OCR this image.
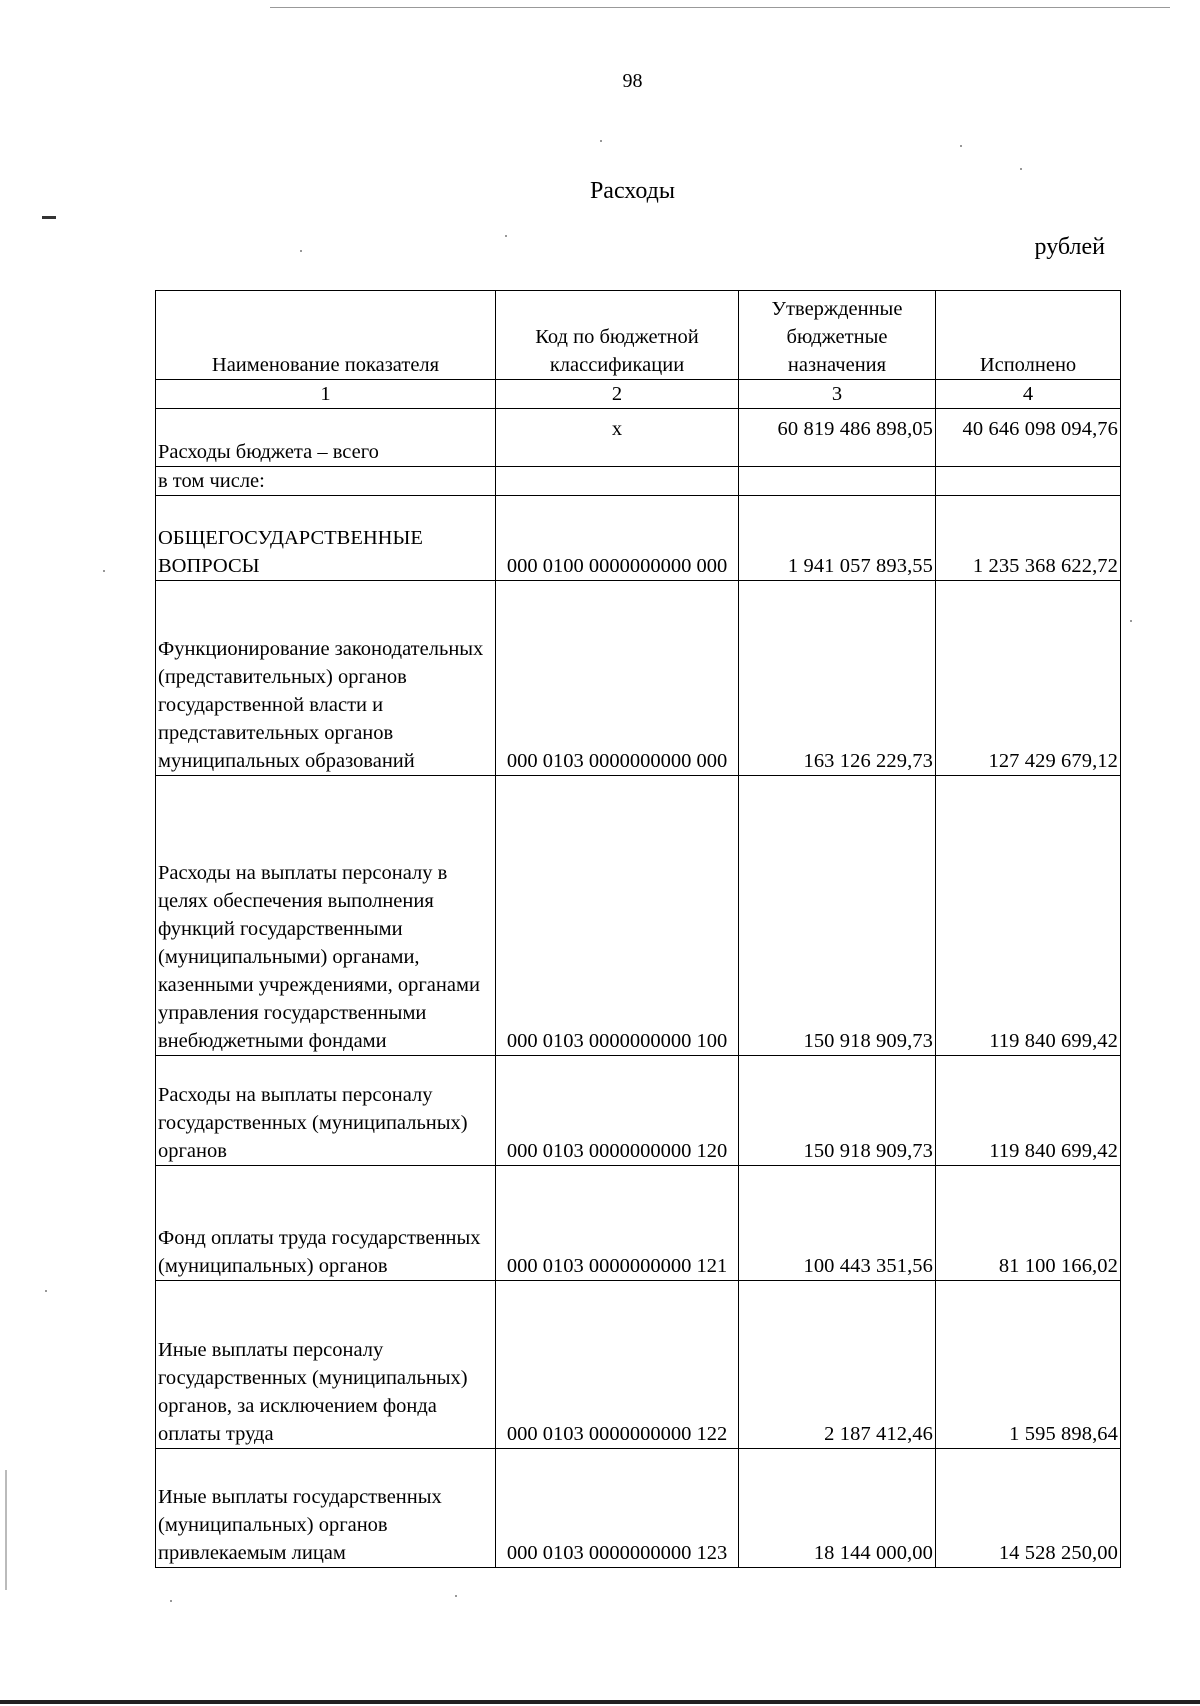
98
Расходы
рублей
Наименование показателя	Код по бюджетной классификации	Утвержденные бюджетные назначения	Исполнено
1	2	3	4
Расходы бюджета – всего	x	60 819 486 898,05	40 646 098 094,76
в том числе:			
ОБЩЕГОСУДАРСТВЕННЫЕ ВОПРОСЫ	000 0100 0000000000 000	1 941 057 893,55	1 235 368 622,72
Функционирование законодательных (представительных) органов государственной власти и представительных органов муниципальных образований	000 0103 0000000000 000	163 126 229,73	127 429 679,12
Расходы на выплаты персоналу в целях обеспечения выполнения функций государственными (муниципальными) органами, казенными учреждениями, органами управления государственными внебюджетными фондами	000 0103 0000000000 100	150 918 909,73	119 840 699,42
Расходы на выплаты персоналу государственных (муниципальных) органов	000 0103 0000000000 120	150 918 909,73	119 840 699,42
Фонд оплаты труда государственных (муниципальных) органов	000 0103 0000000000 121	100 443 351,56	81 100 166,02
Иные выплаты персоналу государственных (муниципальных) органов, за исключением фонда оплаты труда	000 0103 0000000000 122	2 187 412,46	1 595 898,64
Иные выплаты государственных (муниципальных) органов привлекаемым лицам	000 0103 0000000000 123	18 144 000,00	14 528 250,00
